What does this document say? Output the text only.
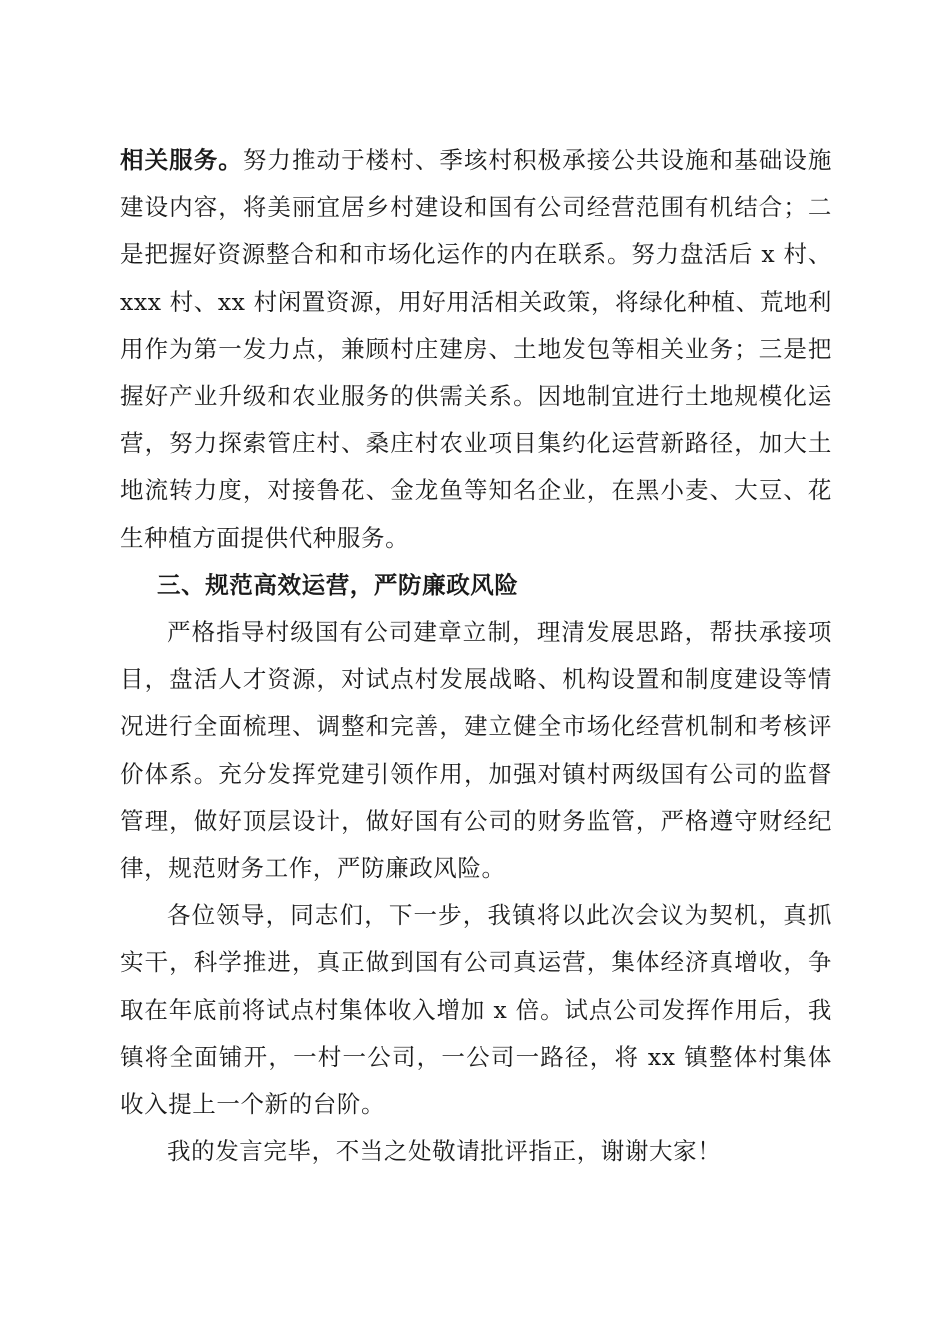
相关服务。努力推动于楼村、季垓村积极承接公共设施和基础设施建设内容，将美丽宜居乡村建设和国有公司经营范围有机结合；二是把握好资源整合和和市场化运作的内在联系。努力盘活后 x 村、xxx 村、xx 村闲置资源，用好用活相关政策，将绿化种植、荒地利用作为第一发力点，兼顾村庄建房、土地发包等相关业务；三是把握好产业升级和农业服务的供需关系。因地制宜进行土地规模化运营，努力探索管庄村、桑庄村农业项目集约化运营新路径，加大土地流转力度，对接鲁花、金龙鱼等知名企业，在黑小麦、大豆、花生种植方面提供代种服务。

三、规范高效运营，严防廉政风险

严格指导村级国有公司建章立制，理清发展思路，帮扶承接项目，盘活人才资源，对试点村发展战略、机构设置和制度建设等情况进行全面梳理、调整和完善，建立健全市场化经营机制和考核评价体系。充分发挥党建引领作用，加强对镇村两级国有公司的监督管理，做好顶层设计，做好国有公司的财务监管，严格遵守财经纪律，规范财务工作，严防廉政风险。

各位领导，同志们，下一步，我镇将以此次会议为契机，真抓实干，科学推进，真正做到国有公司真运营，集体经济真增收，争取在年底前将试点村集体收入增加 x 倍。试点公司发挥作用后，我镇将全面铺开，一村一公司，一公司一路径，将 xx 镇整体村集体收入提上一个新的台阶。

我的发言完毕，不当之处敬请批评指正，谢谢大家！
